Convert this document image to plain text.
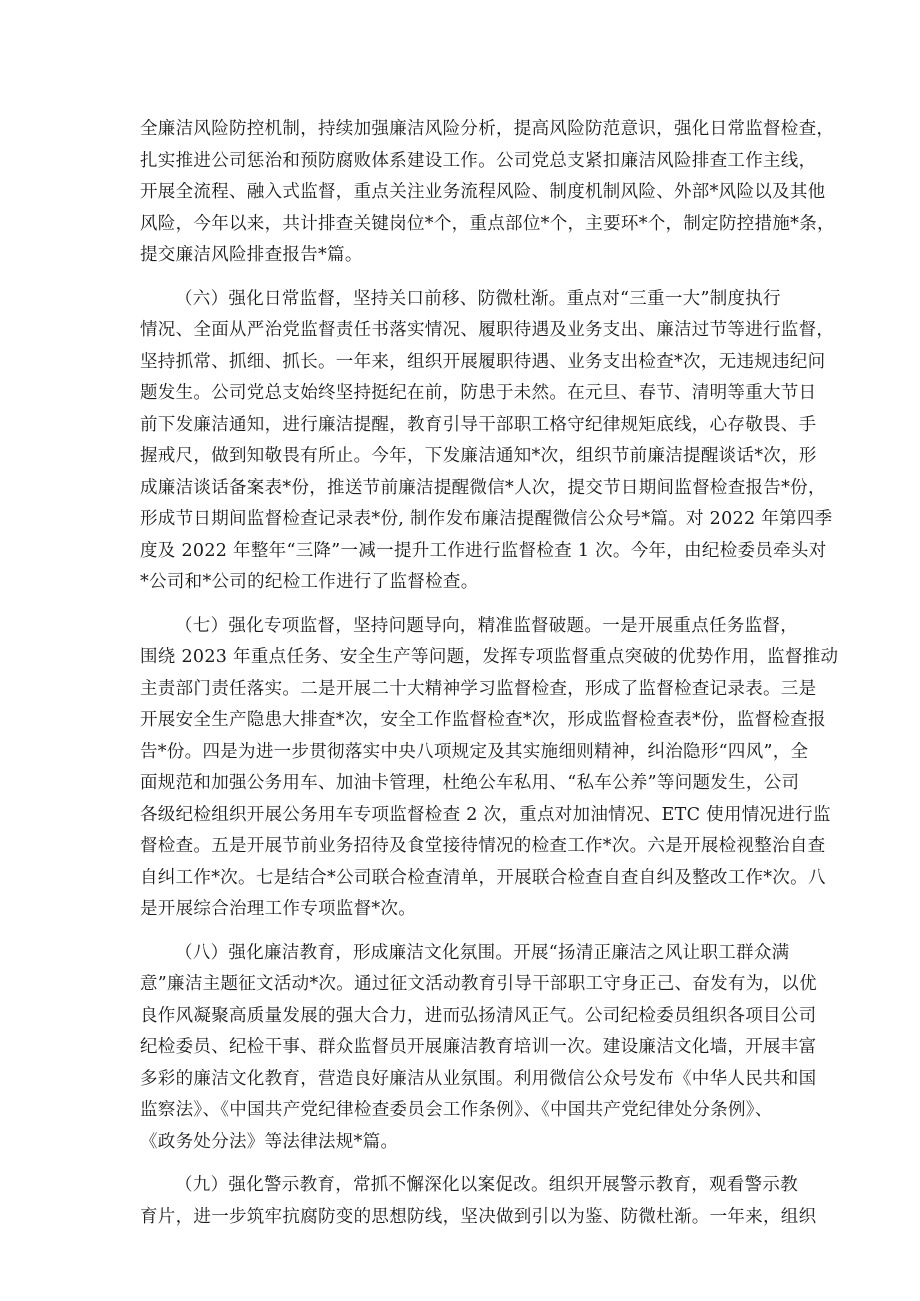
全廉洁风险防控机制，持续加强廉洁风险分析，提高风险防范意识，强化日常监督检查，
扎实推进公司惩治和预防腐败体系建设工作。公司党总支紧扣廉洁风险排查工作主线，
开展全流程、融入式监督，重点关注业务流程风险、制度机制风险、外部*风险以及其他
风险，今年以来，共计排查关键岗位*个，重点部位*个，主要环*个，制定防控措施*条，
提交廉洁风险排查报告*篇。

（六）强化日常监督，坚持关口前移、防微杜渐。重点对“三重一大”制度执行
情况、全面从严治党监督责任书落实情况、履职待遇及业务支出、廉洁过节等进行监督，
坚持抓常、抓细、抓长。一年来，组织开展履职待遇、业务支出检查*次，无违规违纪问
题发生。公司党总支始终坚持挺纪在前，防患于未然。在元旦、春节、清明等重大节日
前下发廉洁通知，进行廉洁提醒，教育引导干部职工格守纪律规矩底线，心存敬畏、手
握戒尺，做到知敬畏有所止。今年，下发廉洁通知*次，组织节前廉洁提醒谈话*次，形
成廉洁谈话备案表*份，推送节前廉洁提醒微信*人次，提交节日期间监督检查报告*份，
形成节日期间监督检查记录表*份, 制作发布廉洁提醒微信公众号*篇。对 2022 年第四季
度及 2022 年整年“三降”一减一提升工作进行监督检查 1 次。今年，由纪检委员牵头对
*公司和*公司的纪检工作进行了监督检查。

（七）强化专项监督，坚持问题导向，精准监督破题。一是开展重点任务监督，
围绕 2023 年重点任务、安全生产等问题，发挥专项监督重点突破的优势作用，监督推动
主责部门责任落实。二是开展二十大精神学习监督检查，形成了监督检查记录表。三是
开展安全生产隐患大排查*次，安全工作监督检查*次，形成监督检查表*份，监督检查报
告*份。四是为进一步贯彻落实中央八项规定及其实施细则精神，纠治隐形“四风”，全
面规范和加强公务用车、加油卡管理，杜绝公车私用、“私车公养”等问题发生，公司
各级纪检组织开展公务用车专项监督检查 2 次，重点对加油情况、ETC 使用情况进行监
督检查。五是开展节前业务招待及食堂接待情况的检查工作*次。六是开展检视整治自查
自纠工作*次。七是结合*公司联合检查清单，开展联合检查自查自纠及整改工作*次。八
是开展综合治理工作专项监督*次。

（八）强化廉洁教育，形成廉洁文化氛围。开展“扬清正廉洁之风让职工群众满
意”廉洁主题征文活动*次。通过征文活动教育引导干部职工守身正己、奋发有为，以优
良作风凝聚高质量发展的强大合力，进而弘扬清风正气。公司纪检委员组织各项目公司
纪检委员、纪检干事、群众监督员开展廉洁教育培训一次。建设廉洁文化墙，开展丰富
多彩的廉洁文化教育，营造良好廉洁从业氛围。利用微信公众号发布《中华人民共和国
监察法》、《中国共产党纪律检查委员会工作条例》、《中国共产党纪律处分条例》、
《政务处分法》等法律法规*篇。

（九）强化警示教育，常抓不懈深化以案促改。组织开展警示教育，观看警示教
育片，进一步筑牢抗腐防变的思想防线，坚决做到引以为鉴、防微杜渐。一年来，组织
